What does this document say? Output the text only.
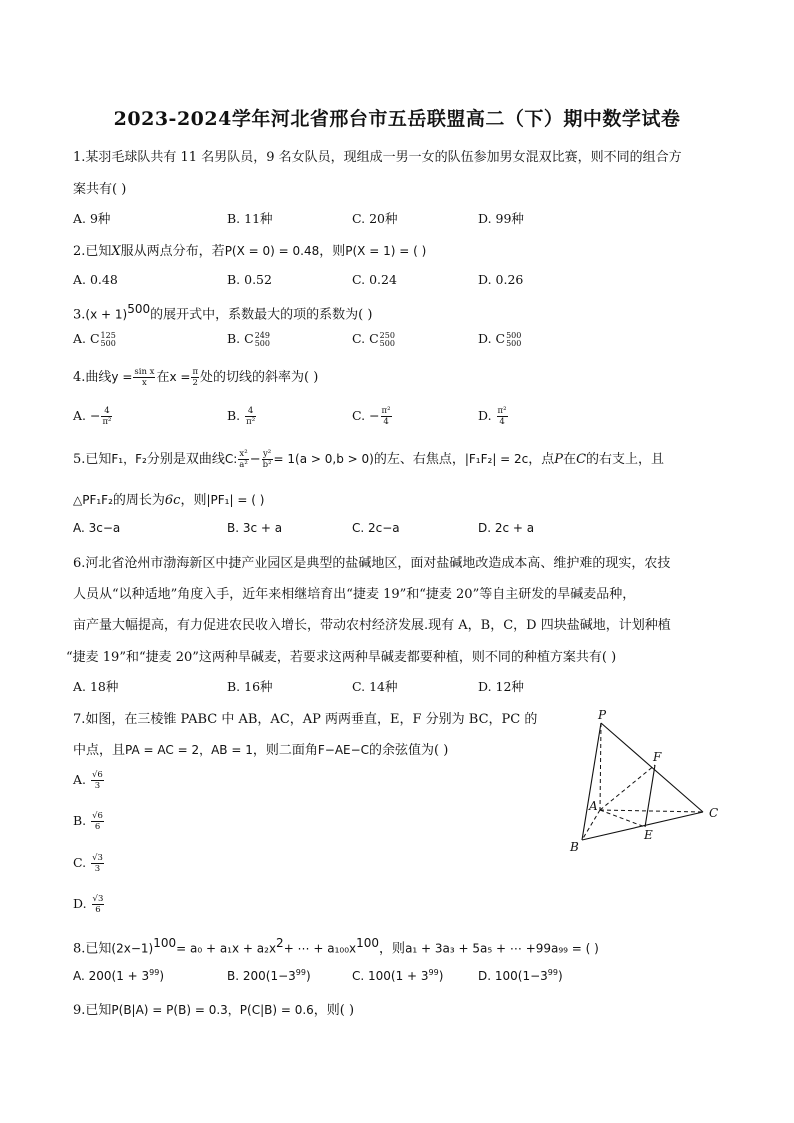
2023-2024学年河北省邢台市五岳联盟高二（下）期中数学试卷
1.某羽毛球队共有 11 名男队员，9 名女队员，现组成一男一女的队伍参加男女混双比赛，则不同的组合方
案共有( )
A. 9种	B. 11种	C. 20种	D. 99种
2.已知X服从两点分布，若P(X = 0) = 0.48，则P(X = 1) = ( )
A. 0.48	B. 0.52	C. 0.24	D. 0.26
$3.(x + 1)^{500}$的展开式中，系数最大的项的系数为( )
A. C 125
500	B. C 249
500	C. C 250
500	D. C 500
500
4.曲线$y = \frac{\text{sin x}}{x}$ 在$x = \frac{\pi}{2}$ 处的切线的斜率为( )
A. − $\frac{4}{\text{π²}}$	B. $\frac{4}{\text{π²}}$	C. − $\frac{\text{π²}}{4}$	D. $\frac{\text{π²}}{4}$
5.已知F₁，F₂分别是双曲线C: $\frac{\text{x²}}{\text{a²}} - \frac{\text{y²}}{\text{b²}} = 1(a > 0,b > 0)$的左、右焦点，|F₁F₂| = 2c，点P在C的右支上，且
△PF₁F₂的周长为6c，则|PF₁| = ( )
A. 3c−a	B. 3c + a	C. 2c−a	D. 2c + a
6.河北省沧州市渤海新区中捷产业园区是典型的盐碱地区，面对盐碱地改造成本高、维护难的现实，农技
人员从“以种适地”角度入手，近年来相继培育出“捷麦 19”和“捷麦 20”等自主研发的旱碱麦品种，
亩产量大幅提高，有力促进农民收入增长，带动农村经济发展.现有 A，B，C，D 四块盐碱地，计划种植
“捷麦 19”和“捷麦 20”这两种旱碱麦，若要求这两种旱碱麦都要种植，则不同的种植方案共有( )
A. 18种	B. 16种	C. 14种	D. 12种
7.如图，在三棱锥 PABC 中 AB，AC，AP 两两垂直，E，F 分别为 BC，PC 的
中点，且PA = AC = 2，AB = 1，则二面角F−AE−C的余弦值为( )
A. $\frac{√6}{3}$
B. $\frac{√6}{6}$
C. $\frac{√3}{3}$
D. $\frac{√3}{6}$
P
F
A	C
E
B
8.已知$(2x-1)^{100}= a_0 + a_1x + a_2x^2+$ ⋯ + $a_{100}x^{100}$，则a₁ + 3a₃ + 5a₅ + ⋯ +99a₉₉ = ( )
A. $200(1 + 3^{99})$	B. $200(1-3^{99})$	C. $100(1 + 3^{99})$	D. $100(1-3^{99})$
9.已知P(B|A) = P(B) = 0.3，P(C|B) = 0.6，则( )
